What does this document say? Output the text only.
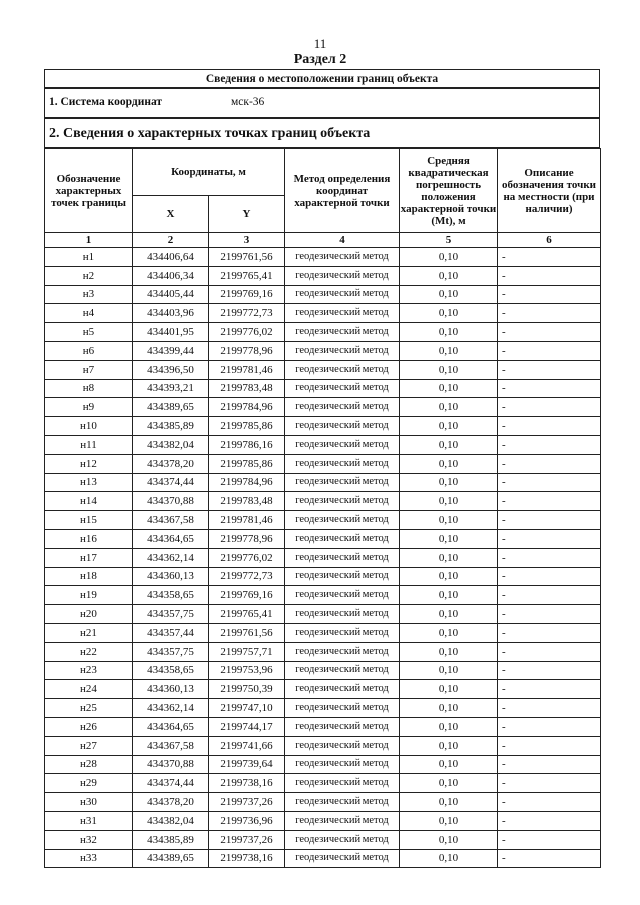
11
Раздел 2
Сведения о местоположении границ объекта
1. Система координат	мск-36
2. Сведения о характерных точках границ объекта
Обозначение характерных точек границы	Координаты, м		Метод определения координат характерной точки	Средняя квадратическая погрешность положения характерной точки (Mt), м	Описание обозначения точки на местности (при наличии)
	X	Y			
1	2	3	4	5	6
н1	434406,64	2199761,56	геодезический метод	0,10	-
н2	434406,34	2199765,41	геодезический метод	0,10	-
н3	434405,44	2199769,16	геодезический метод	0,10	-
н4	434403,96	2199772,73	геодезический метод	0,10	-
н5	434401,95	2199776,02	геодезический метод	0,10	-
н6	434399,44	2199778,96	геодезический метод	0,10	-
н7	434396,50	2199781,46	геодезический метод	0,10	-
н8	434393,21	2199783,48	геодезический метод	0,10	-
н9	434389,65	2199784,96	геодезический метод	0,10	-
н10	434385,89	2199785,86	геодезический метод	0,10	-
н11	434382,04	2199786,16	геодезический метод	0,10	-
н12	434378,20	2199785,86	геодезический метод	0,10	-
н13	434374,44	2199784,96	геодезический метод	0,10	-
н14	434370,88	2199783,48	геодезический метод	0,10	-
н15	434367,58	2199781,46	геодезический метод	0,10	-
н16	434364,65	2199778,96	геодезический метод	0,10	-
н17	434362,14	2199776,02	геодезический метод	0,10	-
н18	434360,13	2199772,73	геодезический метод	0,10	-
н19	434358,65	2199769,16	геодезический метод	0,10	-
н20	434357,75	2199765,41	геодезический метод	0,10	-
н21	434357,44	2199761,56	геодезический метод	0,10	-
н22	434357,75	2199757,71	геодезический метод	0,10	-
н23	434358,65	2199753,96	геодезический метод	0,10	-
н24	434360,13	2199750,39	геодезический метод	0,10	-
н25	434362,14	2199747,10	геодезический метод	0,10	-
н26	434364,65	2199744,17	геодезический метод	0,10	-
н27	434367,58	2199741,66	геодезический метод	0,10	-
н28	434370,88	2199739,64	геодезический метод	0,10	-
н29	434374,44	2199738,16	геодезический метод	0,10	-
н30	434378,20	2199737,26	геодезический метод	0,10	-
н31	434382,04	2199736,96	геодезический метод	0,10	-
н32	434385,89	2199737,26	геодезический метод	0,10	-
н33	434389,65	2199738,16	геодезический метод	0,10	-
